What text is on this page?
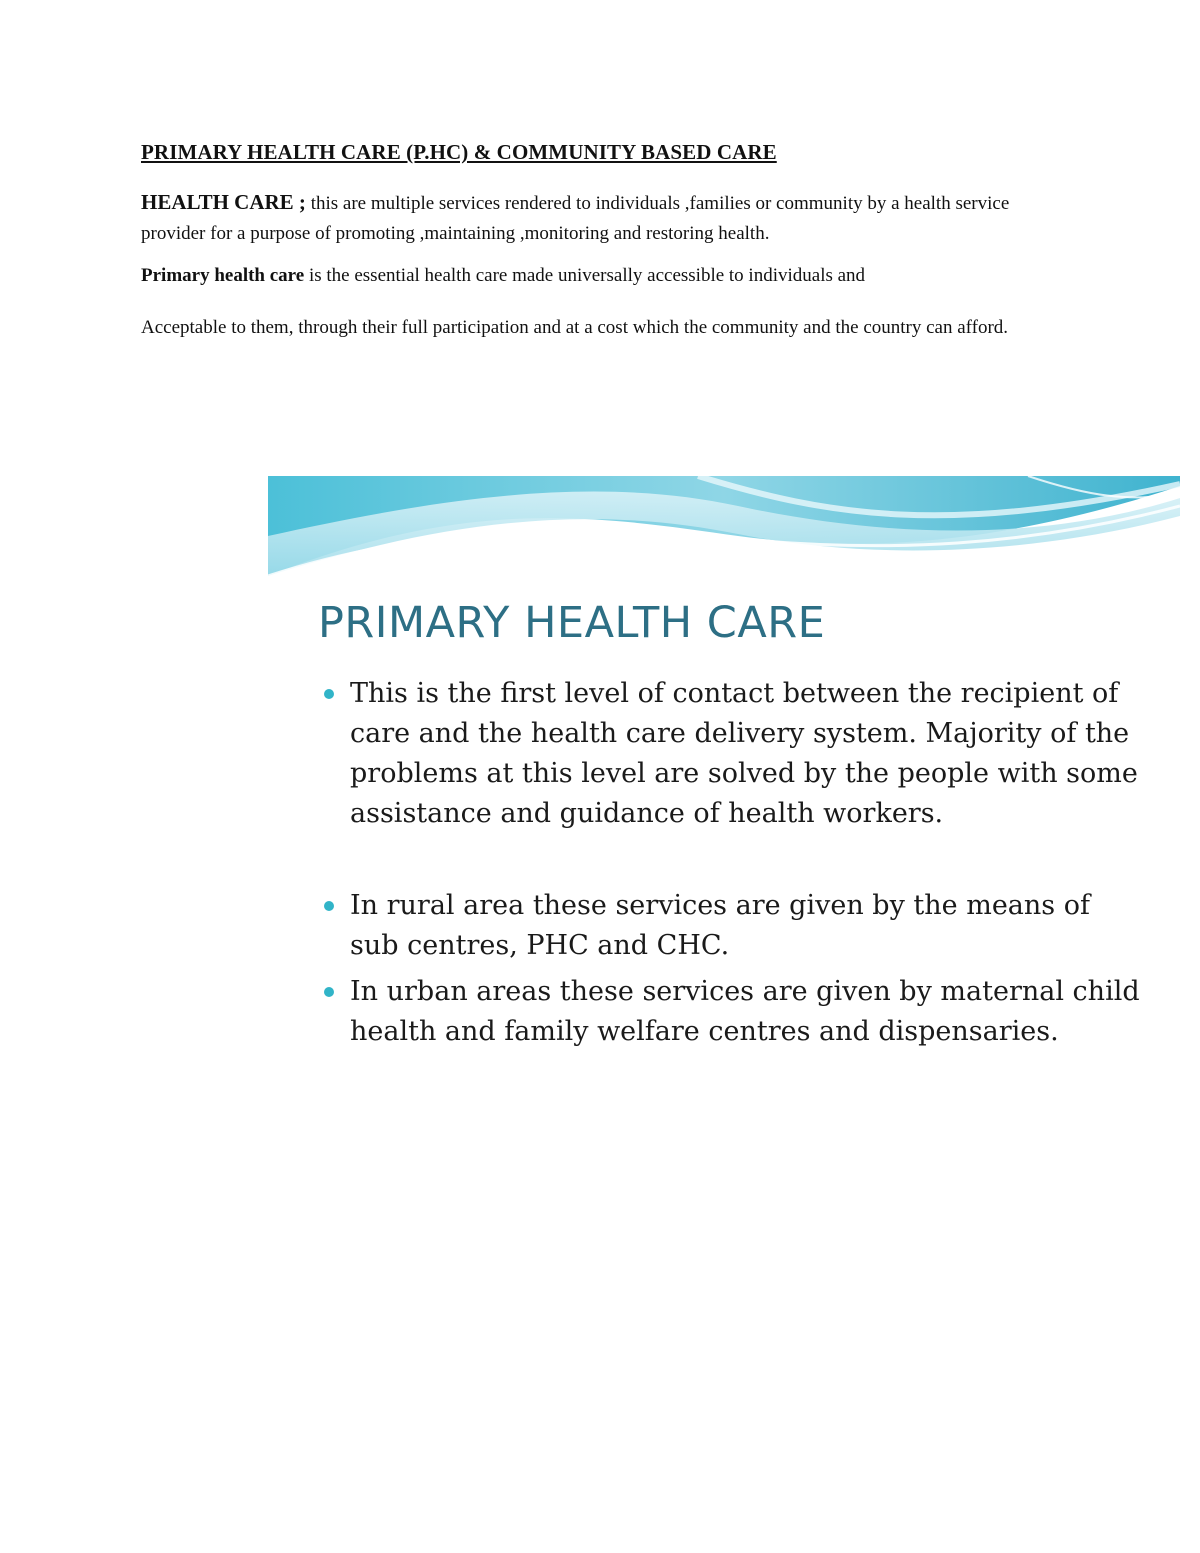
PRIMARY HEALTH CARE (P.HC) & COMMUNITY BASED CARE

HEALTH CARE ; this are multiple services rendered to individuals ,families or community by a health service provider for a purpose of promoting ,maintaining ,monitoring and restoring health.

Primary health care is the essential health care made universally accessible to individuals and

Acceptable to them, through their full participation and at a cost which the community and the country can afford.

PRIMARY HEALTH CARE
This is the first level of contact between the recipient of care and the health care delivery system. Majority of the problems at this level are solved by the people with some assistance and guidance of health workers.
In rural area these services are given by the means of sub centres, PHC and CHC.
In urban areas these services are given by maternal child health and family welfare centres and dispensaries.
